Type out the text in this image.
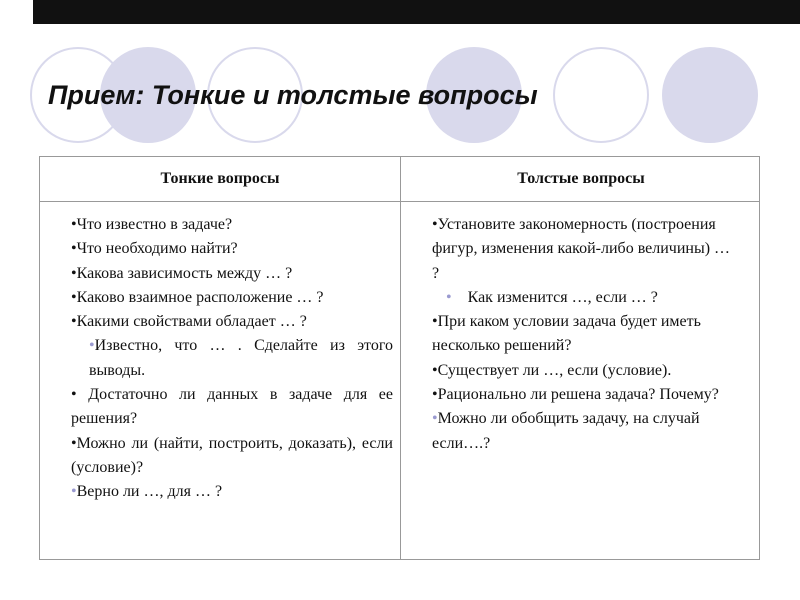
Прием: Тонкие и толстые вопросы
Тонкие вопросы	Толстые вопросы

•Что известно в задаче?

•Что необходимо найти?

•Какова зависимость между … ?

•Каково взаимное расположение … ?

•Какими свойствами обладает … ?

•Известно, что … . Сделайте из этого выводы.

• Достаточно ли данных в задаче для ее решения?

•Можно ли (найти, построить, доказать), если (условие)?

•Верно ли …, для … ?

•Установите закономерность (построения фигур, изменения какой-либо величины) … ?

• Как изменится …, если … ?

•При каком условии задача будет иметь несколько решений?

•Существует ли …, если (условие).

•Рационально ли решена задача? Почему?

•Можно ли обобщить задачу, на случай если….?
